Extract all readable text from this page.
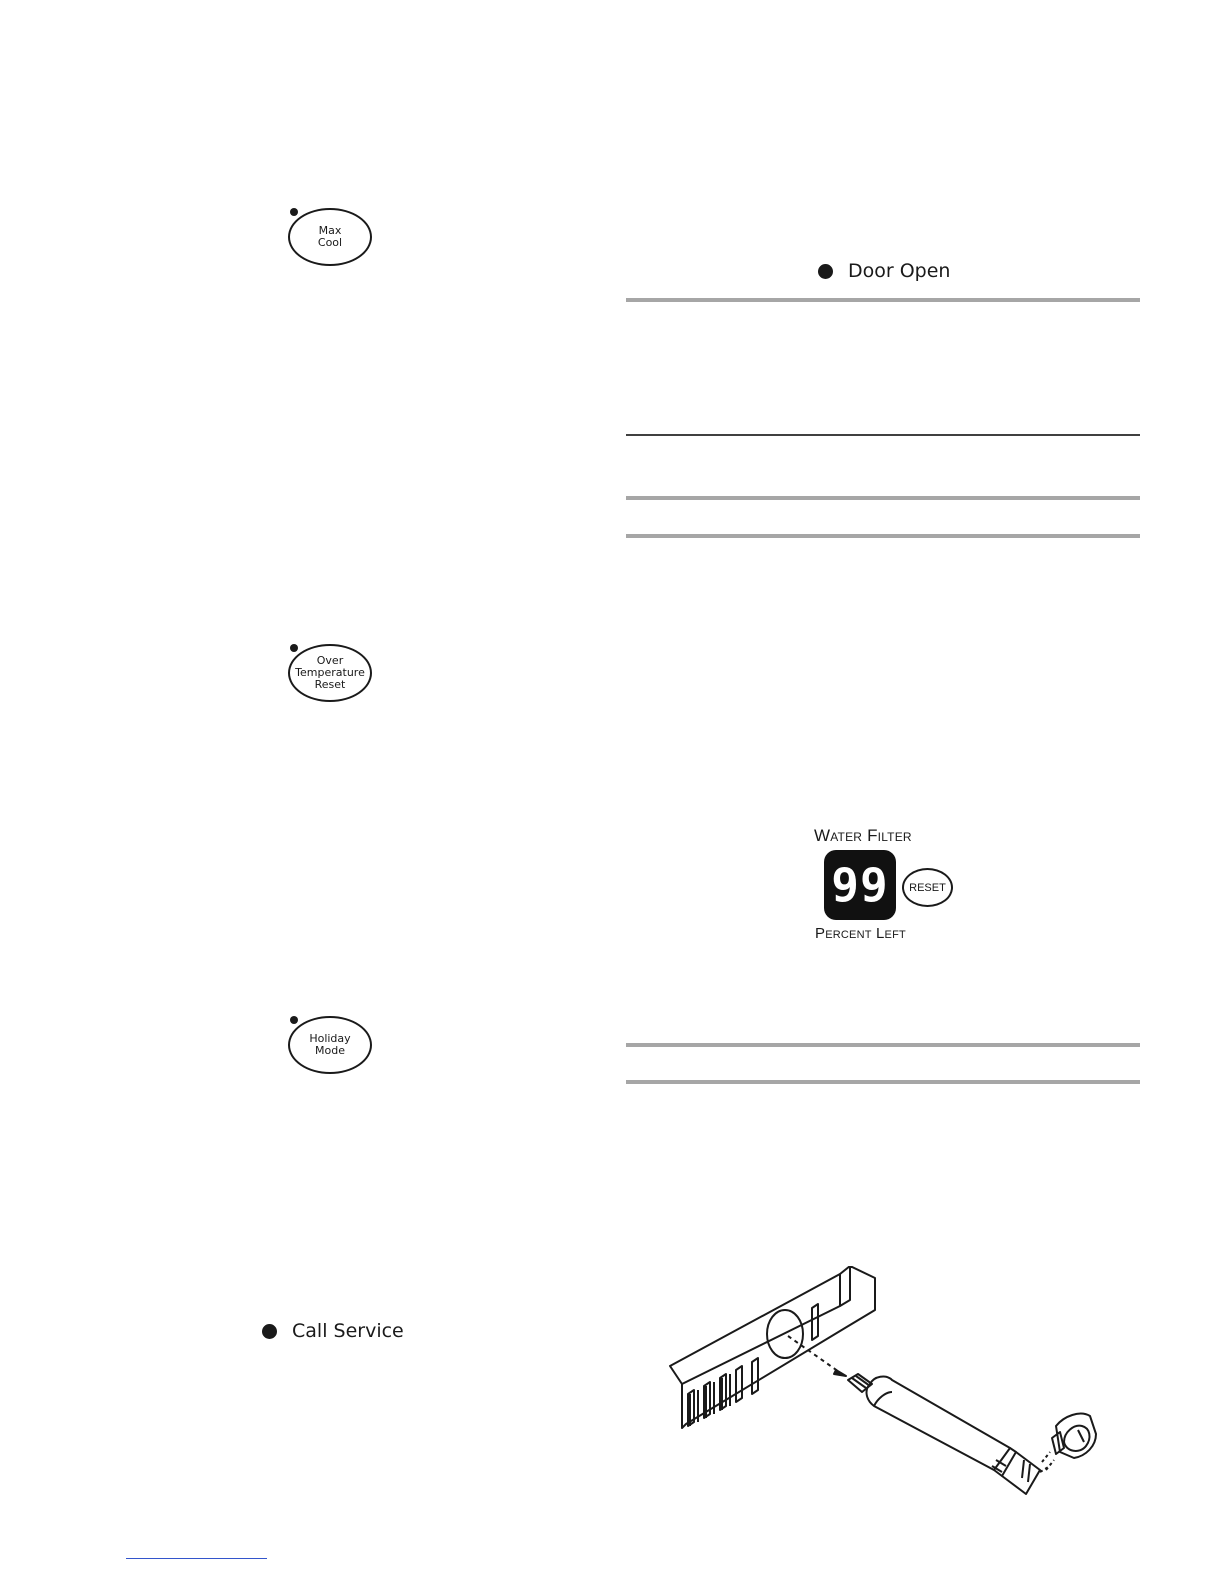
Max
Cool
Door Open
Over
Temperature
Reset
Water Filter
99 RESET
Percent Left
Holiday
Mode
Call Service
